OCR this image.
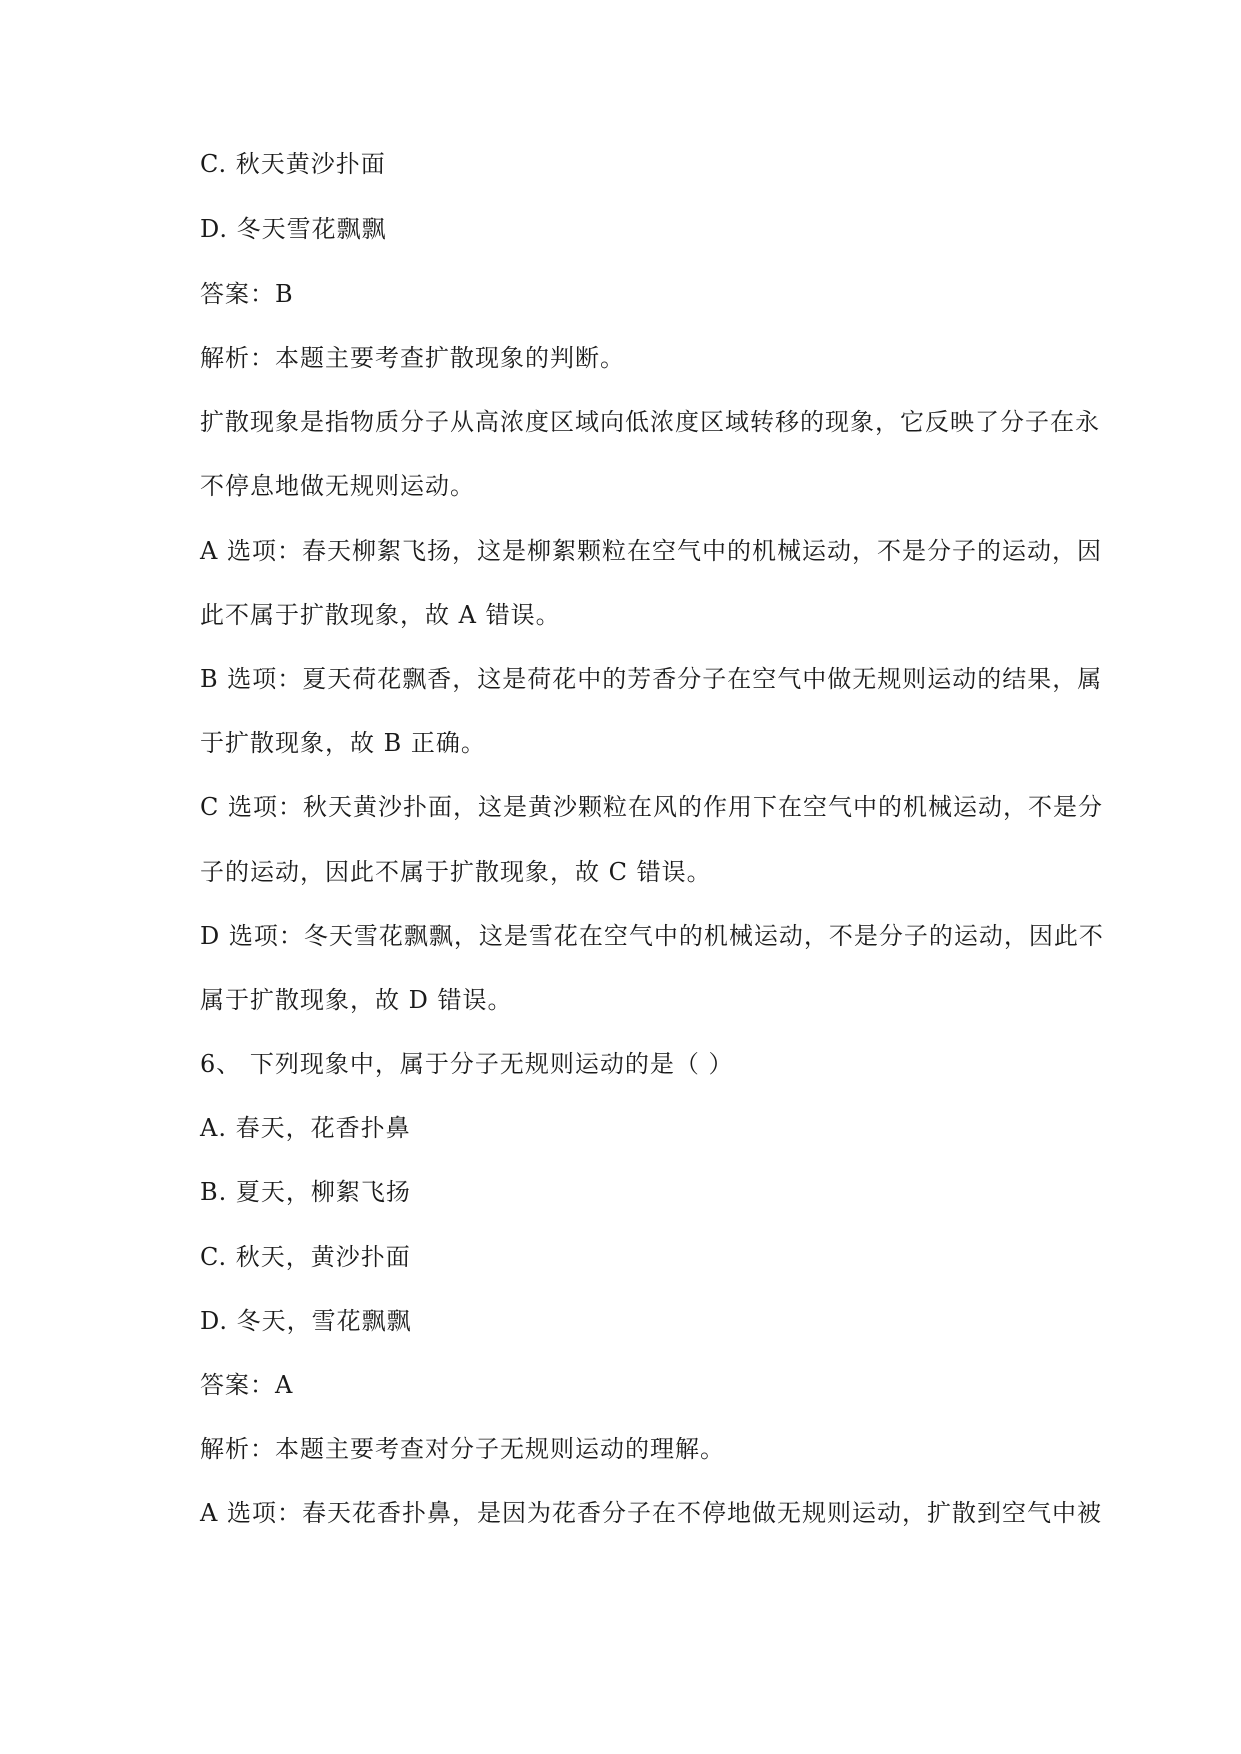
C. 秋天黄沙扑面

D. 冬天雪花飘飘

答案：B

解析：本题主要考查扩散现象的判断。

扩散现象是指物质分子从高浓度区域向低浓度区域转移的现象，它反映了分子在永

不停息地做无规则运动。

A 选项：春天柳絮飞扬，这是柳絮颗粒在空气中的机械运动，不是分子的运动，因

此不属于扩散现象，故 A 错误。

B 选项：夏天荷花飘香，这是荷花中的芳香分子在空气中做无规则运动的结果，属

于扩散现象，故 B 正确。

C 选项：秋天黄沙扑面，这是黄沙颗粒在风的作用下在空气中的机械运动，不是分

子的运动，因此不属于扩散现象，故 C 错误。

D 选项：冬天雪花飘飘，这是雪花在空气中的机械运动，不是分子的运动，因此不

属于扩散现象，故 D 错误。

6、 下列现象中，属于分子无规则运动的是（ ）

A. 春天，花香扑鼻

B. 夏天，柳絮飞扬

C. 秋天，黄沙扑面

D. 冬天，雪花飘飘

答案：A

解析：本题主要考查对分子无规则运动的理解。

A 选项：春天花香扑鼻，是因为花香分子在不停地做无规则运动，扩散到空气中被
